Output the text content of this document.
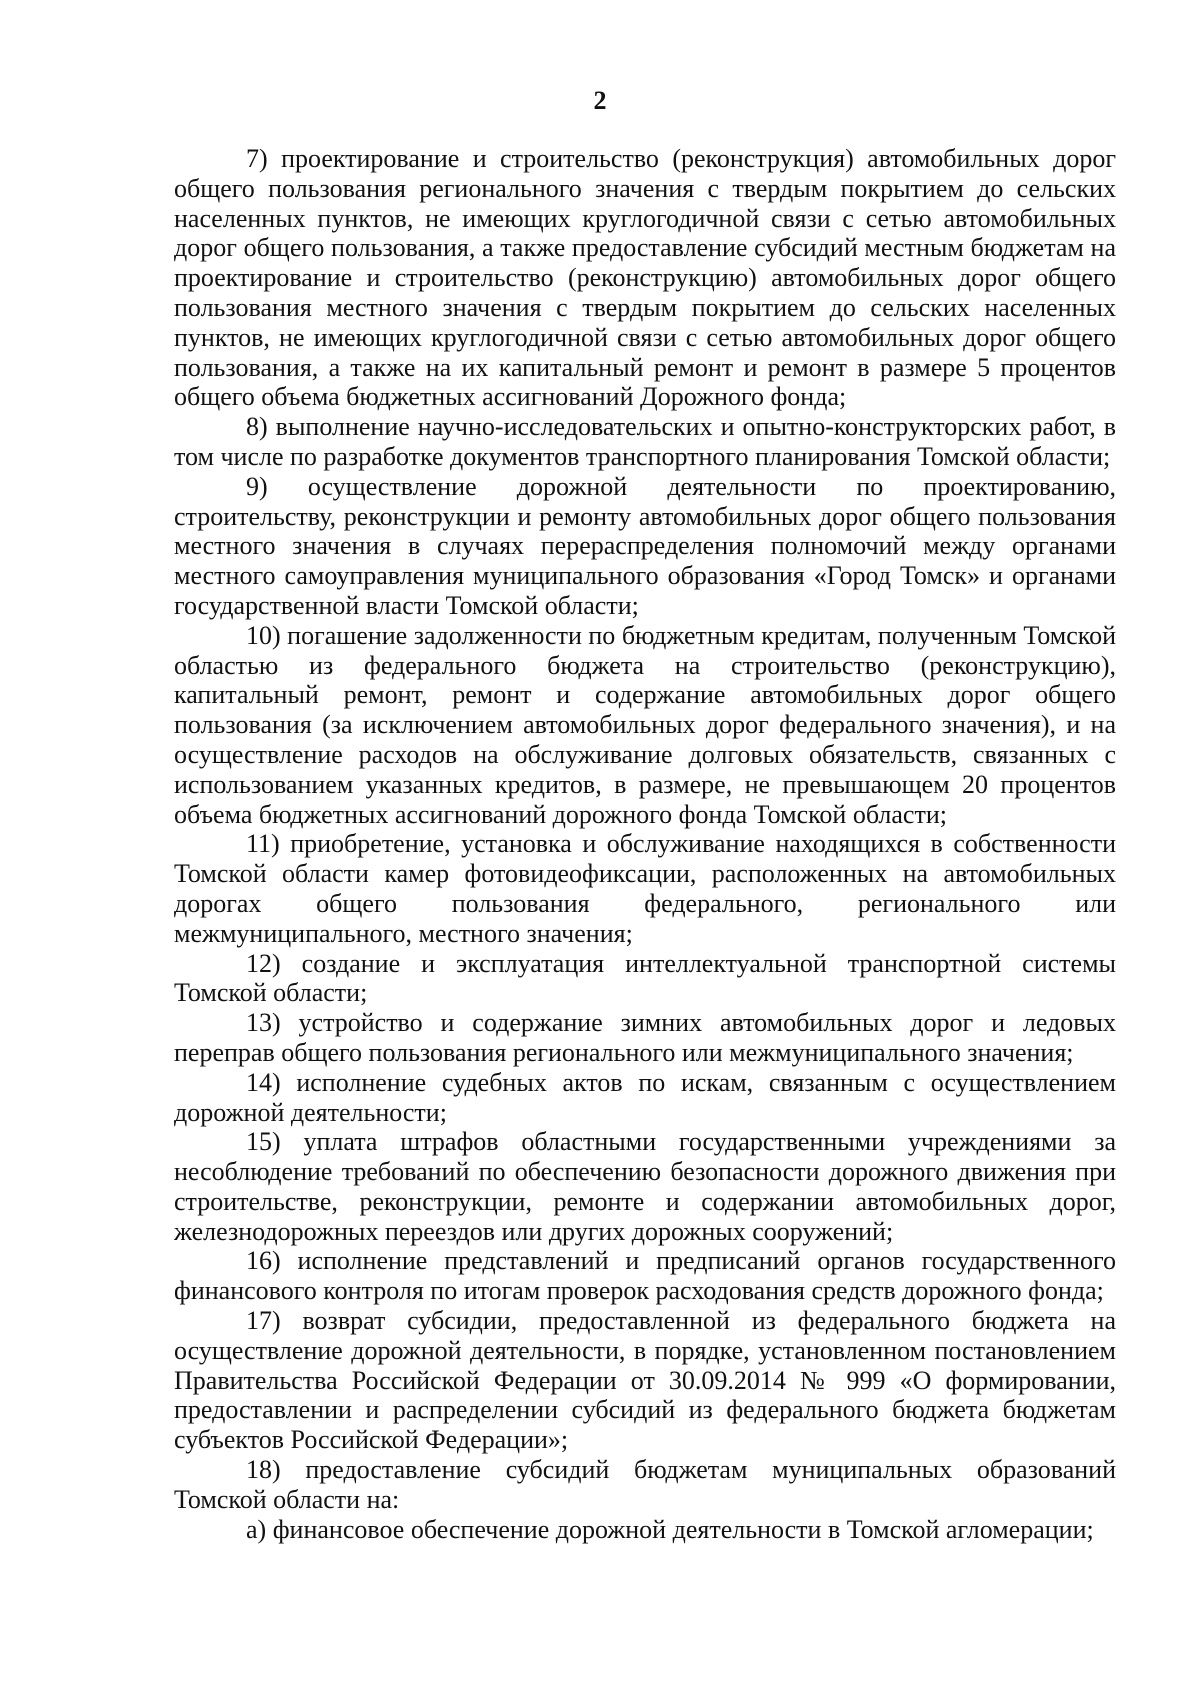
2

7) проектирование и строительство (реконструкция) автомобильных дорог общего пользования регионального значения с твердым покрытием до сельских населенных пунктов, не имеющих круглогодичной связи с сетью автомобильных дорог общего пользования, а также предоставление субсидий местным бюджетам на проектирование и строительство (реконструкцию) автомобильных дорог общего пользования местного значения с твердым покрытием до сельских населенных пунктов, не имеющих круглогодичной связи с сетью автомобильных дорог общего пользования, а также на их капитальный ремонт и ремонт в размере 5 процентов общего объема бюджетных ассигнований Дорожного фонда;

8) выполнение научно-исследовательских и опытно-конструкторских работ, в том числе по разработке документов транспортного планирования Томской области;

9) осуществление дорожной деятельности по проектированию, строительству, реконструкции и ремонту автомобильных дорог общего пользования местного значения в случаях перераспределения полномочий между органами местного самоуправления муниципального образования «Город Томск» и органами государственной власти Томской области;

10) погашение задолженности по бюджетным кредитам, полученным Томской областью из федерального бюджета на строительство (реконструкцию), капитальный ремонт, ремонт и содержание автомобильных дорог общего пользования (за исключением автомобильных дорог федерального значения), и на осуществление расходов на обслуживание долговых обязательств, связанных с использованием указанных кредитов, в размере, не превышающем 20 процентов объема бюджетных ассигнований дорожного фонда Томской области;

11) приобретение, установка и обслуживание находящихся в собственности Томской области камер фотовидеофиксации, расположенных на автомобильных дорогах общего пользования федерального, регионального или межмуниципального, местного значения;

12) создание и эксплуатация интеллектуальной транспортной системы Томской области;

13) устройство и содержание зимних автомобильных дорог и ледовых переправ общего пользования регионального или межмуниципального значения;

14) исполнение судебных актов по искам, связанным с осуществлением дорожной деятельности;

15) уплата штрафов областными государственными учреждениями за несоблюдение требований по обеспечению безопасности дорожного движения при строительстве, реконструкции, ремонте и содержании автомобильных дорог, железнодорожных переездов или других дорожных сооружений;

16) исполнение представлений и предписаний органов государственного финансового контроля по итогам проверок расходования средств дорожного фонда;

17) возврат субсидии, предоставленной из федерального бюджета на осуществление дорожной деятельности, в порядке, установленном постановлением Правительства Российской Федерации от 30.09.2014 № 999 «О формировании, предоставлении и распределении субсидий из федерального бюджета бюджетам субъектов Российской Федерации»;

18) предоставление субсидий бюджетам муниципальных образований Томской области на:

а) финансовое обеспечение дорожной деятельности в Томской агломерации;
